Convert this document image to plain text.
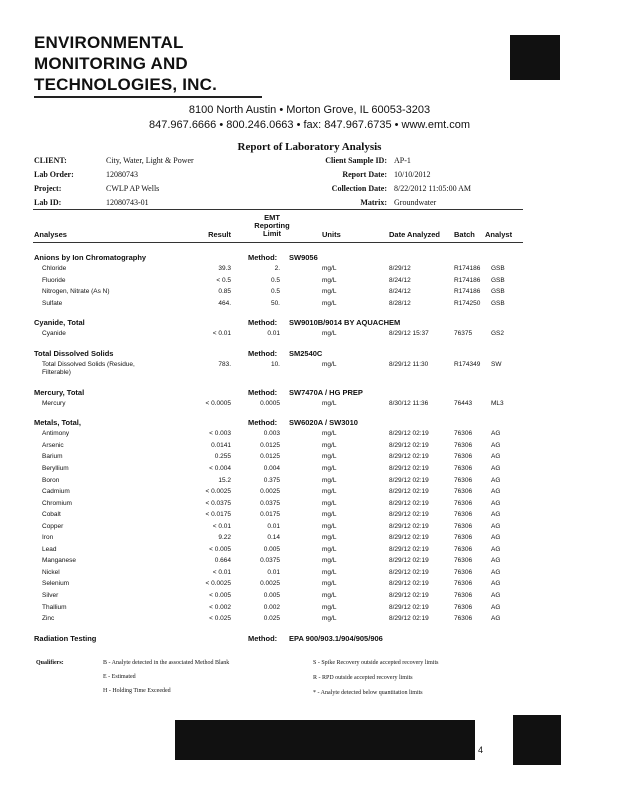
ENVIRONMENTAL
MONITORING AND
TECHNOLOGIES, INC.
8100 North Austin • Morton Grove, IL 60053-3203
847.967.6666 • 800.246.0663 • fax: 847.967.6735 • www.emt.com
Report of Laboratory Analysis
CLIENT:	City, Water, Light & Power
Lab Order:	12080743
Project:	CWLP AP Wells
Lab ID:	12080743-01
Client Sample ID: AP-1
Report Date: 10/10/2012
Collection Date: 8/22/2012 11:05:00 AM
Matrix: Groundwater
Analyses	Result
EMT Reporting Limit	Units	Date Analyzed Batch Analyst
Anions by Ion Chromatography	Method: SW9056
Chloride	39.3	2.	mg/L	8/29/12	R174186 GSB
Fluoride	< 0.5	0.5	mg/L	8/24/12	R174186 GSB
Nitrogen, Nitrate (As N)	0.85	0.5	mg/L	8/24/12	R174186 GSB
Sulfate	464.	50.	mg/L	8/28/12	R174250 GSB
Cyanide, Total	Method: SW9010B/9014 BY AQUACHEM
Cyanide	< 0.01	0.01	mg/L	8/29/12 15:37	76375	GS2
Total Dissolved Solids	Method: SM2540C
Total Dissolved Solids (Residue, Filterable)
783.	10.	mg/L	8/29/12 11:30	R174349 SW
Mercury, Total	Method: SW7470A / HG PREP
Mercury	< 0.0005	0.0005	mg/L	8/30/12 11:36	76443	ML3
Metals, Total,	Method: SW6020A / SW3010
Antimony	< 0.003	0.003	mg/L	8/29/12 02:19	76306	AG
Arsenic	0.0141	0.0125	mg/L	8/29/12 02:19	76306	AG
Barium	0.255	0.0125	mg/L	8/29/12 02:19	76306	AG
Beryllium	< 0.004	0.004	mg/L	8/29/12 02:19	76306	AG
Boron	15.2	0.375	mg/L	8/29/12 02:19	76306	AG
Cadmium	< 0.0025	0.0025	mg/L	8/29/12 02:19	76306	AG
Chromium	< 0.0375	0.0375	mg/L	8/29/12 02:19	76306	AG
Cobalt	< 0.0175	0.0175	mg/L	8/29/12 02:19	76306	AG
Copper	< 0.01	0.01	mg/L	8/29/12 02:19	76306	AG
Iron	9.22	0.14	mg/L	8/29/12 02:19	76306	AG
Lead	< 0.005	0.005	mg/L	8/29/12 02:19	76306	AG
Manganese	0.664	0.0375	mg/L	8/29/12 02:19	76306	AG
Nickel	< 0.01	0.01	mg/L	8/29/12 02:19	76306	AG
Selenium	< 0.0025	0.0025	mg/L	8/29/12 02:19	76306	AG
Silver	< 0.005	0.005	mg/L	8/29/12 02:19	76306	AG
Thallium	< 0.002	0.002	mg/L	8/29/12 02:19	76306	AG
Zinc	< 0.025	0.025	mg/L	8/29/12 02:19	76306	AG
Radiation Testing	Method: EPA 900/903.1/904/905/906
Qualifiers:	B - Analyte detected in the associated Method Blank
E - Estimated
H - Holding Time Exceeded
S - Spike Recovery outside accepted recovery limits
R - RPD outside accepted recovery limits
* - Analyte detected below quantitation limits
4
